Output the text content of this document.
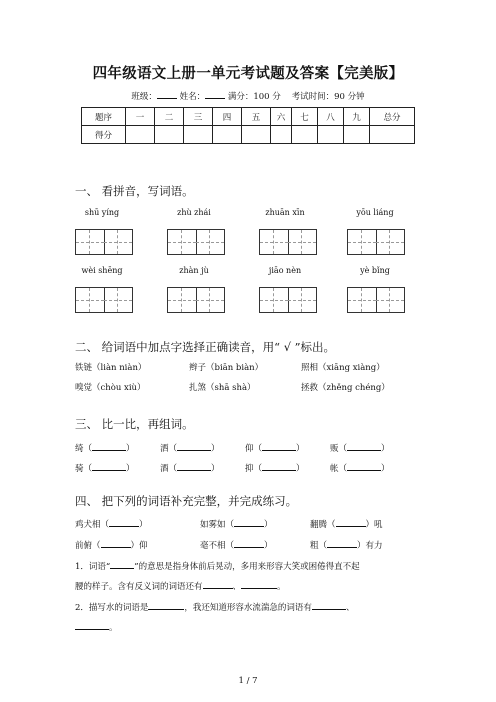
四年级语文上册一单元考试题及答案【完美版】
班级：	姓名：	满分：100 分 考试时间：90 分钟
题序	一	二	三	四	五	六	七	八	九	总分
得分										
一、 看拼音，写词语。
shū yíng	zhù zhái	zhuān xīn	yōu liáng
wèi shēng	zhàn jù	jiāo nèn	yè bǐng
二、 给词语中加点字选择正确读音，用“ √ ”标出。
铁链（liàn niàn）	辫子（biān biàn）	照相（xiāng xiàng）
嗅觉（chòu xiù）	扎煞（shā shà）	拯救（zhěng chéng）
三、 比一比，再组词。
绮（	）	洒（	）	仰（	）	贩（	）
骑（	）	酒（	）	抑（	）	帐（	）
四、 把下列的词语补充完整，并完成练习。
鸡犬相（	）	如雾如（	）	翻腾（	）吼
前俯（	）仰	毫不相（	）	粗（	）有力
1．词语“	”的意思是指身体前后晃动，多用来形容大笑或困倦得直不起
腰的样子。含有反义词的词语还有	、	。
2．描写水的词语是	，我还知道形容水流湍急的词语有	、
。
1 / 7
